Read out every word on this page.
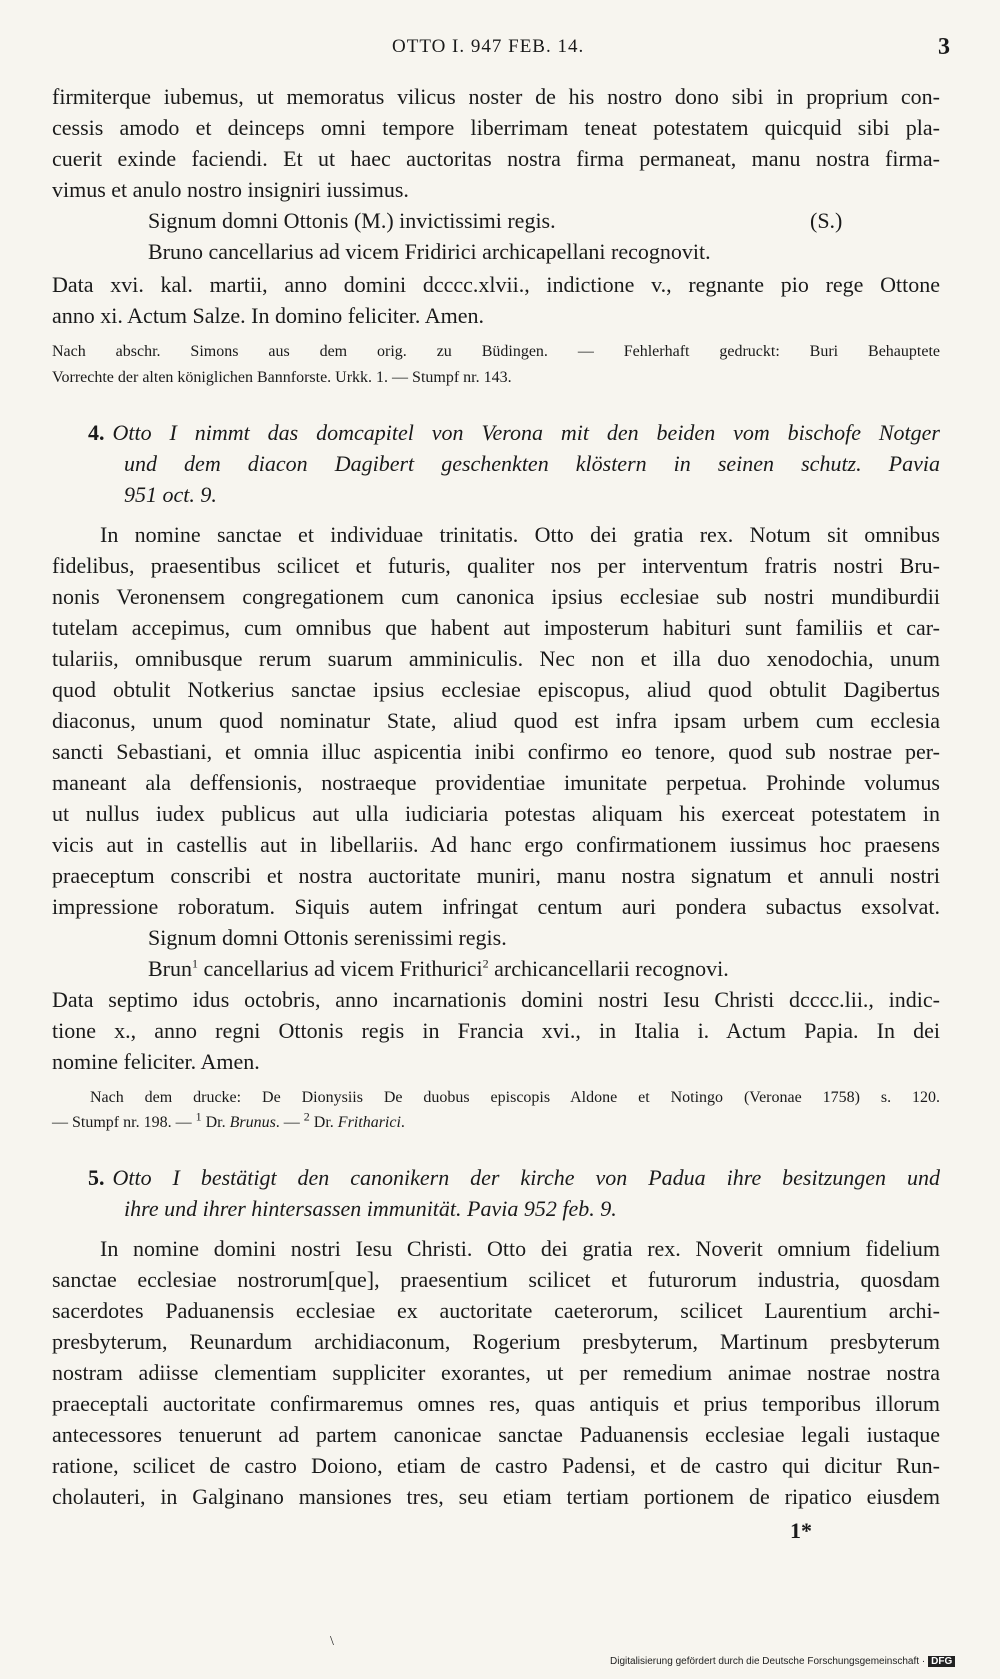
OTTO I. 947 FEB. 14.	3
firmiterque iubemus, ut memoratus vilicus noster de his nostro dono sibi in proprium con-
cessis amodo et deinceps omni tempore liberrimam teneat potestatem quicquid sibi pla-
cuerit exinde faciendi. Et ut haec auctoritas nostra firma permaneat, manu nostra firma-
vimus et anulo nostro insigniri iussimus.
Signum domni Ottonis (M.) invictissimi regis.	(S.)
Bruno cancellarius ad vicem Fridirici archicapellani recognovit.
Data xvi. kal. martii, anno domini dcccc.xlvii., indictione v., regnante pio rege Ottone
anno xi. Actum Salze. In domino feliciter. Amen.
Nach abschr. Simons aus dem orig. zu Büdingen. — Fehlerhaft gedruckt: Buri Behauptete
Vorrechte der alten königlichen Bannforste. Urkk. 1. — Stumpf nr. 143.
4. Otto I nimmt das domcapitel von Verona mit den beiden vom bischofe Notger
und dem diacon Dagibert geschenkten klöstern in seinen schutz. Pavia
951 oct. 9.
In nomine sanctae et individuae trinitatis. Otto dei gratia rex. Notum sit omnibus
fidelibus, praesentibus scilicet et futuris, qualiter nos per interventum fratris nostri Bru-
nonis Veronensem congregationem cum canonica ipsius ecclesiae sub nostri mundiburdii
tutelam accepimus, cum omnibus que habent aut imposterum habituri sunt familiis et car-
tulariis, omnibusque rerum suarum amminiculis. Nec non et illa duo xenodochia, unum
quod obtulit Notkerius sanctae ipsius ecclesiae episcopus, aliud quod obtulit Dagibertus
diaconus, unum quod nominatur State, aliud quod est infra ipsam urbem cum ecclesia
sancti Sebastiani, et omnia illuc aspicentia inibi confirmo eo tenore, quod sub nostrae per-
maneant ala deffensionis, nostraeque providentiae imunitate perpetua. Prohinde volumus
ut nullus iudex publicus aut ulla iudiciaria potestas aliquam his exerceat potestatem in
vicis aut in castellis aut in libellariis. Ad hanc ergo confirmationem iussimus hoc praesens
praeceptum conscribi et nostra auctoritate muniri, manu nostra signatum et annuli nostri
impressione roboratum. Siquis autem infringat centum auri pondera subactus exsolvat.
Signum domni Ottonis serenissimi regis.
Brun$^1$ cancellarius ad vicem Frithurici$^2$ archicancellarii recognovi.
Data septimo idus octobris, anno incarnationis domini nostri Iesu Christi dcccc.lii., indic-
tione x., anno regni Ottonis regis in Francia xvi., in Italia i. Actum Papia. In dei
nomine feliciter. Amen.
Nach dem drucke: De Dionysiis De duobus episcopis Aldone et Notingo (Veronae 1758) s. 120.
— Stumpf nr. 198. — $^1$ Dr. Brunus. — $^2$ Dr. Fritharici.
5. Otto I bestätigt den canonikern der kirche von Padua ihre besitzungen und
ihre und ihrer hintersassen immunität. Pavia 952 feb. 9.
In nomine domini nostri Iesu Christi. Otto dei gratia rex. Noverit omnium fidelium
sanctae ecclesiae nostrorum[que], praesentium scilicet et futurorum industria, quosdam
sacerdotes Paduanensis ecclesiae ex auctoritate caeterorum, scilicet Laurentium archi-
presbyterum, Reunardum archidiaconum, Rogerium presbyterum, Martinum presbyterum
nostram adiisse clementiam suppliciter exorantes, ut per remedium animae nostrae nostra
praeceptali auctoritate confirmaremus omnes res, quas antiquis et prius temporibus illorum
antecessores tenuerunt ad partem canonicae sanctae Paduanensis ecclesiae legali iustaque
ratione, scilicet de castro Doiono, etiam de castro Padensi, et de castro qui dicitur Run-
cholauteri, in Galginano mansiones tres, seu etiam tertiam portionem de ripatico eiusdem
1*
\
Digitalisierung gefördert durch die Deutsche Forschungsgemeinschaft · DFG
